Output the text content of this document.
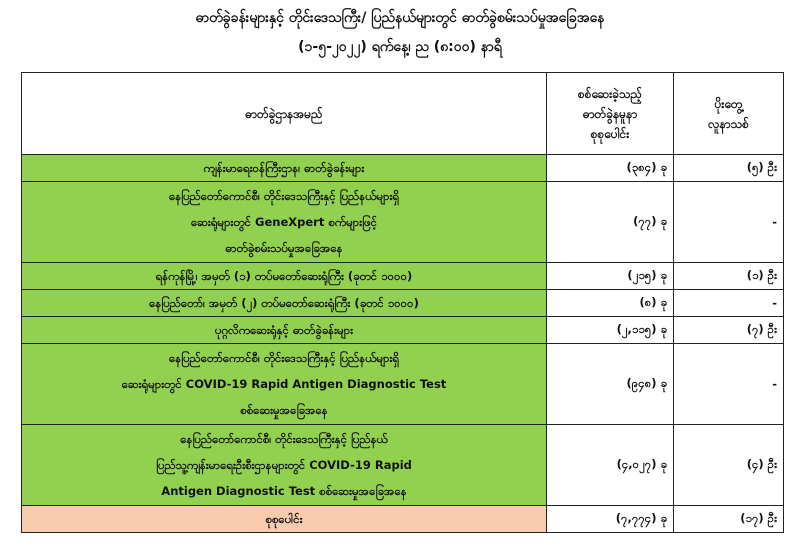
ဓာတ်ခွဲခန်းများနှင့် တိုင်းဒေသကြီး/ ပြည်နယ်များတွင် ဓာတ်ခွဲစမ်းသပ်မှုအခြေအနေ
(၁-၅-၂၀၂၂) ရက်နေ့၊ ည (၈:၀၀) နာရီ
ဓာတ်ခွဲဌာနအမည်	စစ်ဆေးခဲ့သည့်
ဓာတ်ခွဲနမူနာ
စုစုပေါင်း	ပိုးတွေ့
လူနာသစ်

ကျန်းမာရေးဝန်ကြီးဌာန၊ ဓာတ်ခွဲခန်းများ	(၃၈၄) ခု	(၅) ဦး

နေပြည်တော်ကောင်စီ၊ တိုင်းဒေသကြီးနှင့် ပြည်နယ်များရှိ
ဆေးရုံများတွင် GeneXpert စက်များဖြင့်
ဓာတ်ခွဲစမ်းသပ်မှုအခြေအနေ	(၇၇) ခု	-

ရန်ကုန်မြို့၊ အမှတ် (၁) တပ်မတော်ဆေးရုံကြီး (ခုတင် ၁၀၀၀)	(၂၁၅) ခု	(၁) ဦး

နေပြည်တော်၊ အမှတ် (၂) တပ်မတော်ဆေးရုံကြီး (ခုတင် ၁၀၀၀)	(၈) ခု	-

ပုဂ္ဂလိကဆေးရုံနှင့် ဓာတ်ခွဲခန်းများ	(၂,၁၁၅) ခု	(၇) ဦး

နေပြည်တော်ကောင်စီ၊ တိုင်းဒေသကြီးနှင့် ပြည်နယ်များရှိ
ဆေးရုံများတွင် COVID-19 Rapid Antigen Diagnostic Test
စစ်ဆေးမှုအခြေအနေ	(၉၄၈) ခု	-

နေပြည်တော်ကောင်စီ၊ တိုင်းဒေသကြီးနှင့် ပြည်နယ်
ပြည်သူ့ကျန်းမာရေးဦးစီးဌာနများတွင် COVID-19 Rapid
Antigen Diagnostic Test စစ်ဆေးမှုအခြေအနေ	(၄,၀၂၇) ခု	(၄) ဦး
စုစုပေါင်း	(၇,၇၇၄) ခု	(၁၇) ဦး
